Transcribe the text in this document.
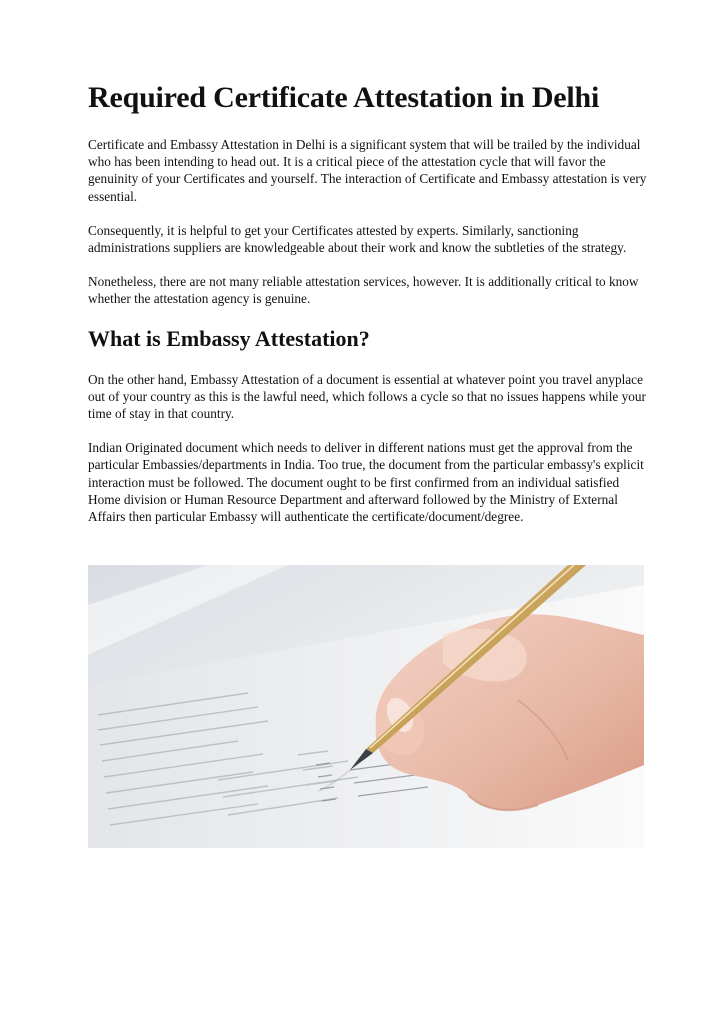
Required Certificate Attestation in Delhi

Certificate and Embassy Attestation in Delhi is a significant system that will be trailed by the individual who has been intending to head out. It is a critical piece of the attestation cycle that will favor the genuinity of your Certificates and yourself. The interaction of Certificate and Embassy attestation is very essential.

Consequently, it is helpful to get your Certificates attested by experts. Similarly, sanctioning administrations suppliers are knowledgeable about their work and know the subtleties of the strategy.

Nonetheless, there are not many reliable attestation services, however. It is additionally critical to know whether the attestation agency is genuine.

What is Embassy Attestation?

On the other hand, Embassy Attestation of a document is essential at whatever point you travel anyplace out of your country as this is the lawful need, which follows a cycle so that no issues happens while your time of stay in that country.

Indian Originated document which needs to deliver in different nations must get the approval from the particular Embassies/departments in India. Too true, the document from the particular embassy's explicit interaction must be followed. The document ought to be first confirmed from an individual satisfied Home division or Human Resource Department and afterward followed by the Ministry of External Affairs then particular Embassy will authenticate the certificate/document/degree.
